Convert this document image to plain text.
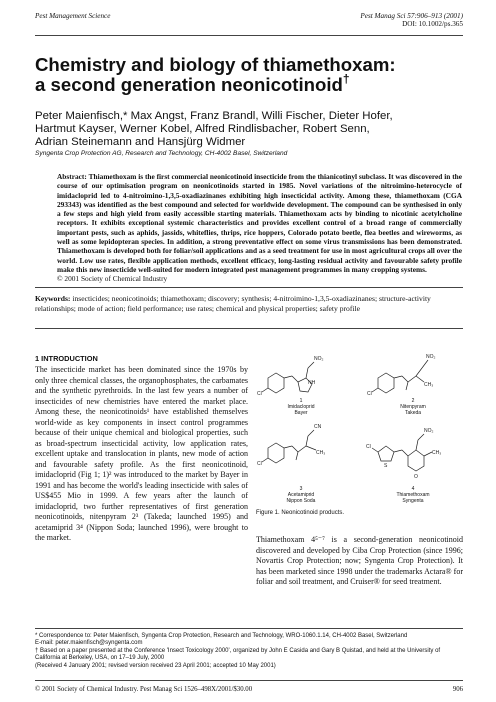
Pest Management Science	Pest Manag Sci 57:906–913 (2001)
DOI: 10.1002/ps.365
Chemistry and biology of thiamethoxam:
a second generation neonicotinoid†
Peter Maienfisch,* Max Angst, Franz Brandl, Willi Fischer, Dieter Hofer,
Hartmut Kayser, Werner Kobel, Alfred Rindlisbacher, Robert Senn,
Adrian Steinemann and Hansjürg Widmer
Syngenta Crop Protection AG, Research and Technology, CH-4002 Basel, Switzerland
Abstract: Thiamethoxam is the first commercial neonicotinoid insecticide from the thianicotinyl subclass. It was discovered in the course of our optimisation program on neonicotinoids started in 1985. Novel variations of the nitroimino-heterocycle of imidacloprid led to 4-nitroimino-1,3,5-oxadiazinanes exhibiting high insecticidal activity. Among these, thiamethoxam (CGA 293343) was identified as the best compound and selected for worldwide development. The compound can be synthesised in only a few steps and high yield from easily accessible starting materials. Thiamethoxam acts by binding to nicotinic acetylcholine receptors. It exhibits exceptional systemic characteristics and provides excellent control of a broad range of commercially important pests, such as aphids, jassids, whiteflies, thrips, rice hoppers, Colorado potato beetle, flea beetles and wireworms, as well as some lepidopteran species. In addition, a strong preventative effect on some virus transmissions has been demonstrated. Thiamethoxam is developed both for foliar/soil applications and as a seed treatment for use in most agricultural crops all over the world. Low use rates, flexible application methods, excellent efficacy, long-lasting residual activity and favourable safety profile make this new insecticide well-suited for modern integrated pest management programmes in many cropping systems.
© 2001 Society of Chemical Industry
Keywords: insecticides; neonicotinoids; thiamethoxam; discovery; synthesis; 4-nitroimino-1,3,5-oxadiazinanes; structure-activity relationships; mode of action; field performance; use rates; chemical and physical properties; safety profile
1 INTRODUCTION
The insecticide market has been dominated since the 1970s by only three chemical classes, the organophosphates, the carbamates and the synthetic pyrethroids. In the last few years a number of insecticides of new chemistries have entered the market place. Among these, the neonicotinoids¹ have established themselves world-wide as key components in insect control programmes because of their unique chemical and biological properties, such as broad-spectrum insecticidal activity, low application rates, excellent uptake and translocation in plants, new mode of action and favourable safety profile. As the first neonicotinoid, imidacloprid (Fig 1; 1)² was introduced to the market by Bayer in 1991 and has become the world's leading insecticide with sales of US$455 Mio in 1999. A few years after the launch of imidacloprid, two further representatives of first generation neonicotinoids, nitenpyram 2³ (Takeda; launched 1995) and acetamiprid 3⁴ (Nippon Soda; launched 1996), were brought to the market.
Cl
NH
NO₂
Cl
NO₂
CH₃
Cl
CN
CH₃
Cl
S
NO₂
CH₃
O
1
Imidacloprid
Bayer
2
Nitenpyram
Takeda
3
Acetamiprid
Nippon Soda
4
Thiamethoxam
Syngenta
Figure 1. Neonicotinoid products.
Thiamethoxam 4⁵⁻⁷ is a second-generation neonicotinoid discovered and developed by Ciba Crop Protection (since 1996; Novartis Crop Protection; now; Syngenta Crop Protection). It has been marketed since 1998 under the trademarks Actara® for foliar and soil treatment, and Cruiser® for seed treatment.
* Correspondence to: Peter Maienfisch, Syngenta Crop Protection, Research and Technology, WRO-1060.1.14, CH-4002 Basel, Switzerland
E-mail: peter.maienfisch@syngenta.com
† Based on a paper presented at the Conference 'Insect Toxicology 2000', organized by John E Casida and Gary B Quistad, and held at the University of California at Berkeley, USA, on 17–19 July, 2000
(Received 4 January 2001; revised version received 23 April 2001; accepted 10 May 2001)
© 2001 Society of Chemical Industry. Pest Manag Sci 1526–498X/2001/$30.00	906
